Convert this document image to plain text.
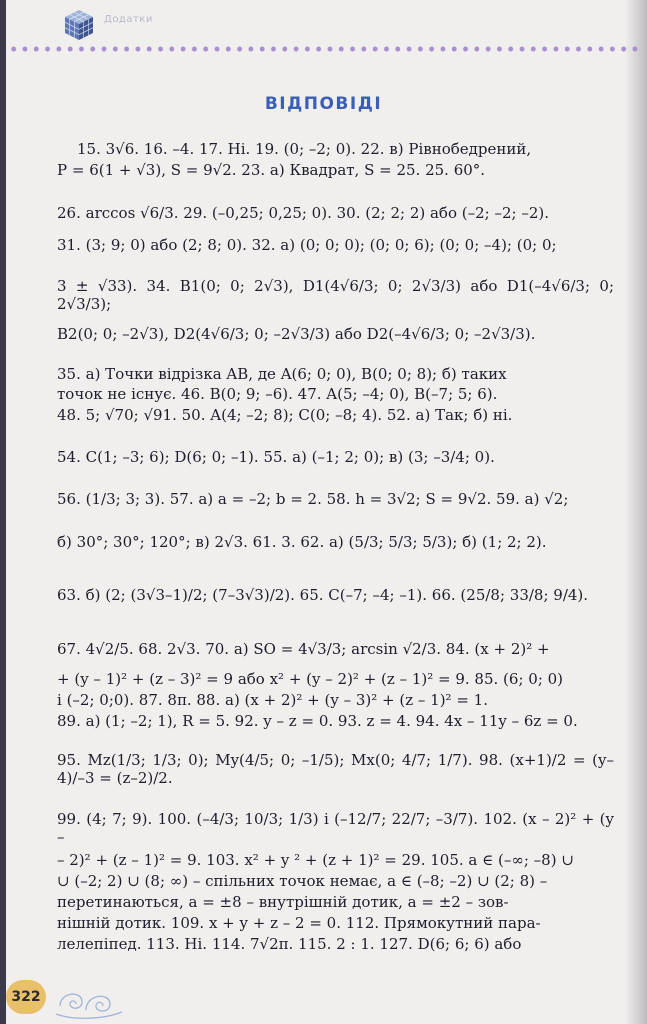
Додатки
ВІДПОВІДІ
15. 3√6. 16. –4. 17. Ні. 19. (0; –2; 0). 22. в) Рівнобедрений,
P = 6(1 + √3), S = 9√2. 23. а) Квадрат, S = 25. 25. 60°.
26. arccos √6/3. 29. (–0,25; 0,25; 0). 30. (2; 2; 2) або (–2; –2; –2).
31. (3; 9; 0) або (2; 8; 0). 32. а) (0; 0; 0); (0; 0; 6); (0; 0; –4); (0; 0;
3 ± √33). 34. B1(0; 0; 2√3), D1(4√6/3; 0; 2√3/3) або D1(–4√6/3; 0; 2√3/3);
B2(0; 0; –2√3), D2(4√6/3; 0; –2√3/3) або D2(–4√6/3; 0; –2√3/3).
35. а) Точки відрізка AB, де A(6; 0; 0), B(0; 0; 8); б) таких
точок не існує. 46. B(0; 9; –6). 47. A(5; –4; 0), B(–7; 5; 6).
48. 5; √70; √91. 50. A(4; –2; 8); C(0; –8; 4). 52. а) Так; б) ні.
54. C(1; –3; 6); D(6; 0; –1). 55. а) (–1; 2; 0); в) (3; –3/4; 0).
56. (1/3; 3; 3). 57. а) a = –2; b = 2. 58. h = 3√2; S = 9√2. 59. а) √2;
б) 30°; 30°; 120°; в) 2√3. 61. 3. 62. а) (5/3; 5/3; 5/3); б) (1; 2; 2).
63. б) (2; (3√3–1)/2; (7–3√3)/2). 65. C(–7; –4; –1). 66. (25/8; 33/8; 9/4).
67. 4√2/5. 68. 2√3. 70. а) SO = 4√3/3; arcsin √2/3. 84. (x + 2)² +
+ (y – 1)² + (z – 3)² = 9 або x² + (y – 2)² + (z – 1)² = 9. 85. (6; 0; 0)
і (–2; 0;0). 87. 8π. 88. а) (x + 2)² + (y – 3)² + (z – 1)² = 1.
89. а) (1; –2; 1), R = 5. 92. y – z = 0. 93. z = 4. 94. 4x – 11y – 6z = 0.
95. Mz(1/3; 1/3; 0); My(4/5; 0; –1/5); Mx(0; 4/7; 1/7). 98. (x+1)/2 = (y–4)/–3 = (z–2)/2.
99. (4; 7; 9). 100. (–4/3; 10/3; 1/3) і (–12/7; 22/7; –3/7). 102. (x – 2)² + (y –
– 2)² + (z – 1)² = 9. 103. x² + y ² + (z + 1)² = 29. 105. a ∈ (–∞; –8) ∪
∪ (–2; 2) ∪ (8; ∞) – спільних точок немає, a ∈ (–8; –2) ∪ (2; 8) –
перетинаються, a = ±8 – внутрішній дотик, a = ±2 – зов-
нішній дотик. 109. x + y + z – 2 = 0. 112. Прямокутний пара-
лелепіпед. 113. Ні. 114. 7√2π. 115. 2 : 1. 127. D(6; 6; 6) або
322
